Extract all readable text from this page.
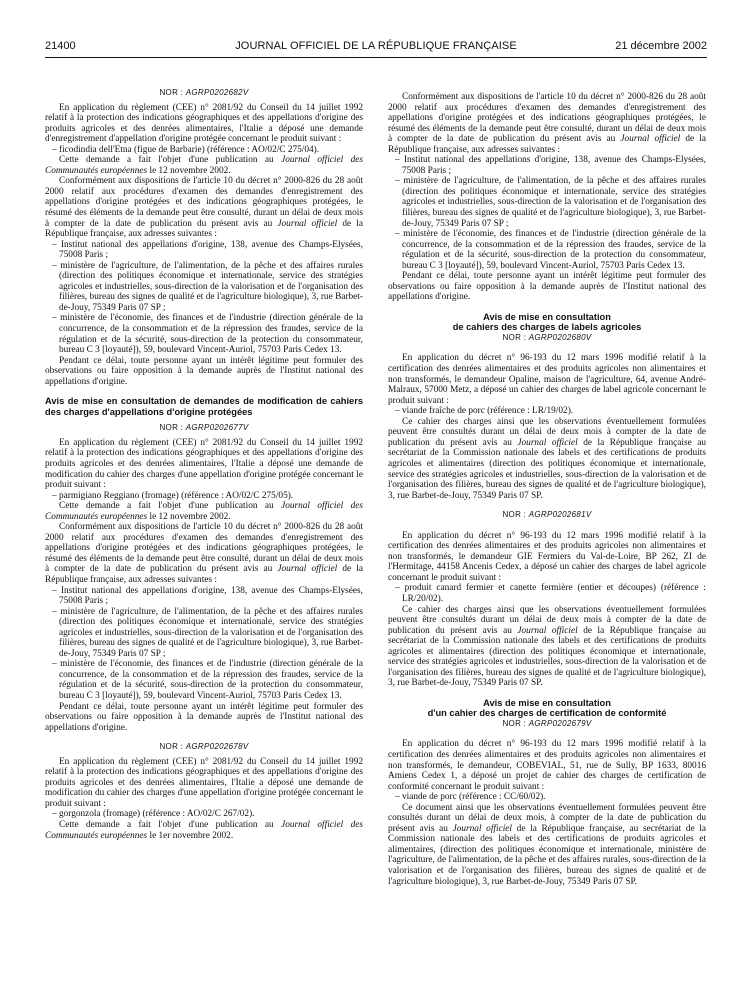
21400	JOURNAL OFFICIEL DE LA RÉPUBLIQUE FRANÇAISE	21 décembre 2002
NOR : AGRP0202682V

En application du règlement (CEE) n° 2081/92 du Conseil du 14 juillet 1992 relatif à la protection des indications géographiques et des appellations d'origine des produits agricoles et des denrées alimentaires, l'Italie a déposé une demande d'enregistrement d'appellation d'origine protégée concernant le produit suivant :

– ficodindia dell'Etna (figue de Barbarie) (référence : AO/02/C 275/04).

Cette demande a fait l'objet d'une publication au Journal officiel des Communautés européennes le 12 novembre 2002.

Conformément aux dispositions de l'article 10 du décret n° 2000-826 du 28 août 2000 relatif aux procédures d'examen des demandes d'enregistrement des appellations d'origine protégées et des indications géographiques protégées, le résumé des éléments de la demande peut être consulté, durant un délai de deux mois à compter de la date de publication du présent avis au Journal officiel de la République française, aux adresses suivantes :

– Institut national des appellations d'origine, 138, avenue des Champs-Elysées, 75008 Paris ;
– ministère de l'agriculture, de l'alimentation, de la pêche et des affaires rurales (direction des politiques économique et internationale, service des stratégies agricoles et industrielles, sous-direction de la valorisation et de l'organisation des filières, bureau des signes de qualité et de l'agriculture biologique), 3, rue Barbet-de-Jouy, 75349 Paris 07 SP ;
– ministère de l'économie, des finances et de l'industrie (direction générale de la concurrence, de la consommation et de la répression des fraudes, service de la régulation et de la sécurité, sous-direction de la protection du consommateur, bureau C 3 [loyauté]), 59, boulevard Vincent-Auriol, 75703 Paris Cedex 13.

Pendant ce délai, toute personne ayant un intérêt légitime peut formuler des observations ou faire opposition à la demande auprès de l'Institut national des appellations d'origine.

Avis de mise en consultation de demandes de modification de cahiers des charges d'appellations d'origine protégées
NOR : AGRP0202677V

En application du règlement (CEE) n° 2081/92 du Conseil du 14 juillet 1992 relatif à la protection des indications géographiques et des appellations d'origine des produits agricoles et des denrées alimentaires, l'Italie a déposé une demande de modification du cahier des charges d'une appellation d'origine protégée concernant le produit suivant :

– parmigiano Reggiano (fromage) (référence : AO/02/C 275/05).

Cette demande a fait l'objet d'une publication au Journal officiel des Communautés européennes le 12 novembre 2002.

Conformément aux dispositions de l'article 10 du décret n° 2000-826 du 28 août 2000 relatif aux procédures d'examen des demandes d'enregistrement des appellations d'origine protégées et des indications géographiques protégées, le résumé des éléments de la demande peut être consulté, durant un délai de deux mois à compter de la date de publication du présent avis au Journal officiel de la République française, aux adresses suivantes :

– Institut national des appellations d'origine, 138, avenue des Champs-Elysées, 75008 Paris ;
– ministère de l'agriculture, de l'alimentation, de la pêche et des affaires rurales (direction des politiques économique et internationale, service des stratégies agricoles et industrielles, sous-direction de la valorisation et de l'organisation des filières, bureau des signes de qualité et de l'agriculture biologique), 3, rue Barbet-de-Jouy, 75349 Paris 07 SP ;
– ministère de l'économie, des finances et de l'industrie (direction générale de la concurrence, de la consommation et de la répression des fraudes, service de la régulation et de la sécurité, sous-direction de la protection du consommateur, bureau C 3 [loyauté]), 59, boulevard Vincent-Auriol, 75703 Paris Cedex 13.

Pendant ce délai, toute personne ayant un intérêt légitime peut formuler des observations ou faire opposition à la demande auprès de l'Institut national des appellations d'origine.

NOR : AGRP0202678V

En application du règlement (CEE) n° 2081/92 du Conseil du 14 juillet 1992 relatif à la protection des indications géographiques et des appellations d'origine des produits agricoles et des denrées alimentaires, l'Italie a déposé une demande de modification du cahier des charges d'une appellation d'origine protégée concernant le produit suivant :

– gorgonzola (fromage) (référence : AO/02/C 267/02).

Cette demande a fait l'objet d'une publication au Journal officiel des Communautés européennes le 1er novembre 2002.

Conformément aux dispositions de l'article 10 du décret n° 2000-826 du 28 août 2000 relatif aux procédures d'examen des demandes d'enregistrement des appellations d'origine protégées et des indications géographiques protégées, le résumé des éléments de la demande peut être consulté, durant un délai de deux mois à compter de la date de publication du présent avis au Journal officiel de la République française, aux adresses suivantes :

– Institut national des appellations d'origine, 138, avenue des Champs-Elysées, 75008 Paris ;
– ministère de l'agriculture, de l'alimentation, de la pêche et des affaires rurales (direction des politiques économique et internationale, service des stratégies agricoles et industrielles, sous-direction de la valorisation et de l'organisation des filières, bureau des signes de qualité et de l'agriculture biologique), 3, rue Barbet-de-Jouy, 75349 Paris 07 SP ;
– ministère de l'économie, des finances et de l'industrie (direction générale de la concurrence, de la consommation et de la répression des fraudes, service de la régulation et de la sécurité, sous-direction de la protection du consommateur, bureau C 3 [loyauté]), 59, boulevard Vincent-Auriol, 75703 Paris Cedex 13.

Pendant ce délai, toute personne ayant un intérêt légitime peut formuler des observations ou faire opposition à la demande auprès de l'Institut national des appellations d'origine.

Avis de mise en consultation
de cahiers des charges de labels agricoles
NOR : AGRP0202680V

En application du décret n° 96-193 du 12 mars 1996 modifié relatif à la certification des denrées alimentaires et des produits agricoles non alimentaires et non transformés, le demandeur Opaline, maison de l'agriculture, 64, avenue André-Malraux, 57000 Metz, a déposé un cahier des charges de label agricole concernant le produit suivant :

– viande fraîche de porc (référence : LR/19/02).

Ce cahier des charges ainsi que les observations éventuellement formulées peuvent être consultés durant un délai de deux mois à compter de la date de publication du présent avis au Journal officiel de la République française au secrétariat de la Commission nationale des labels et des certifications de produits agricoles et alimentaires (direction des politiques économique et internationale, service des stratégies agricoles et industrielles, sous-direction de la valorisation et de l'organisation des filières, bureau des signes de qualité et de l'agriculture biologique), 3, rue Barbet-de-Jouy, 75349 Paris 07 SP.

NOR : AGRP0202681V

En application du décret n° 96-193 du 12 mars 1996 modifié relatif à la certification des denrées alimentaires et des produits agricoles non alimentaires et non transformés, le demandeur GIE Fermiers du Val-de-Loire, BP 262, ZI de l'Hermitage, 44158 Ancenis Cedex, a déposé un cahier des charges de label agricole concernant le produit suivant :

– produit canard fermier et canette fermière (entier et découpes) (référence : LR/20/02).

Ce cahier des charges ainsi que les observations éventuellement formulées peuvent être consultés durant un délai de deux mois à compter de la date de publication du présent avis au Journal officiel de la République française au secrétariat de la Commission nationale des labels et des certifications de produits agricoles et alimentaires (direction des politiques économique et internationale, service des stratégies agricoles et industrielles, sous-direction de la valorisation et de l'organisation des filières, bureau des signes de qualité et de l'agriculture biologique), 3, rue Barbet-de-Jouy, 75349 Paris 07 SP.

Avis de mise en consultation
d'un cahier des charges de certification de conformité
NOR : AGRP0202679V

En application du décret n° 96-193 du 12 mars 1996 modifié relatif à la certification des denrées alimentaires et des produits agricoles non alimentaires et non transformés, le demandeur, COBEVIAL, 51, rue de Sully, BP 1633, 80016 Amiens Cedex 1, a déposé un projet de cahier des charges de certification de conformité concernant le produit suivant :

– viande de porc (référence : CC/60/02).

Ce document ainsi que les observations éventuellement formulées peuvent être consultés durant un délai de deux mois, à compter de la date de publication du présent avis au Journal officiel de la République française, au secrétariat de la Commission nationale des labels et des certifications de produits agricoles et alimentaires, (direction des politiques économique et internationale, ministère de l'agriculture, de l'alimentation, de la pêche et des affaires rurales, sous-direction de la valorisation et de l'organisation des filières, bureau des signes de qualité et de l'agriculture biologique), 3, rue Barbet-de-Jouy, 75349 Paris 07 SP.
